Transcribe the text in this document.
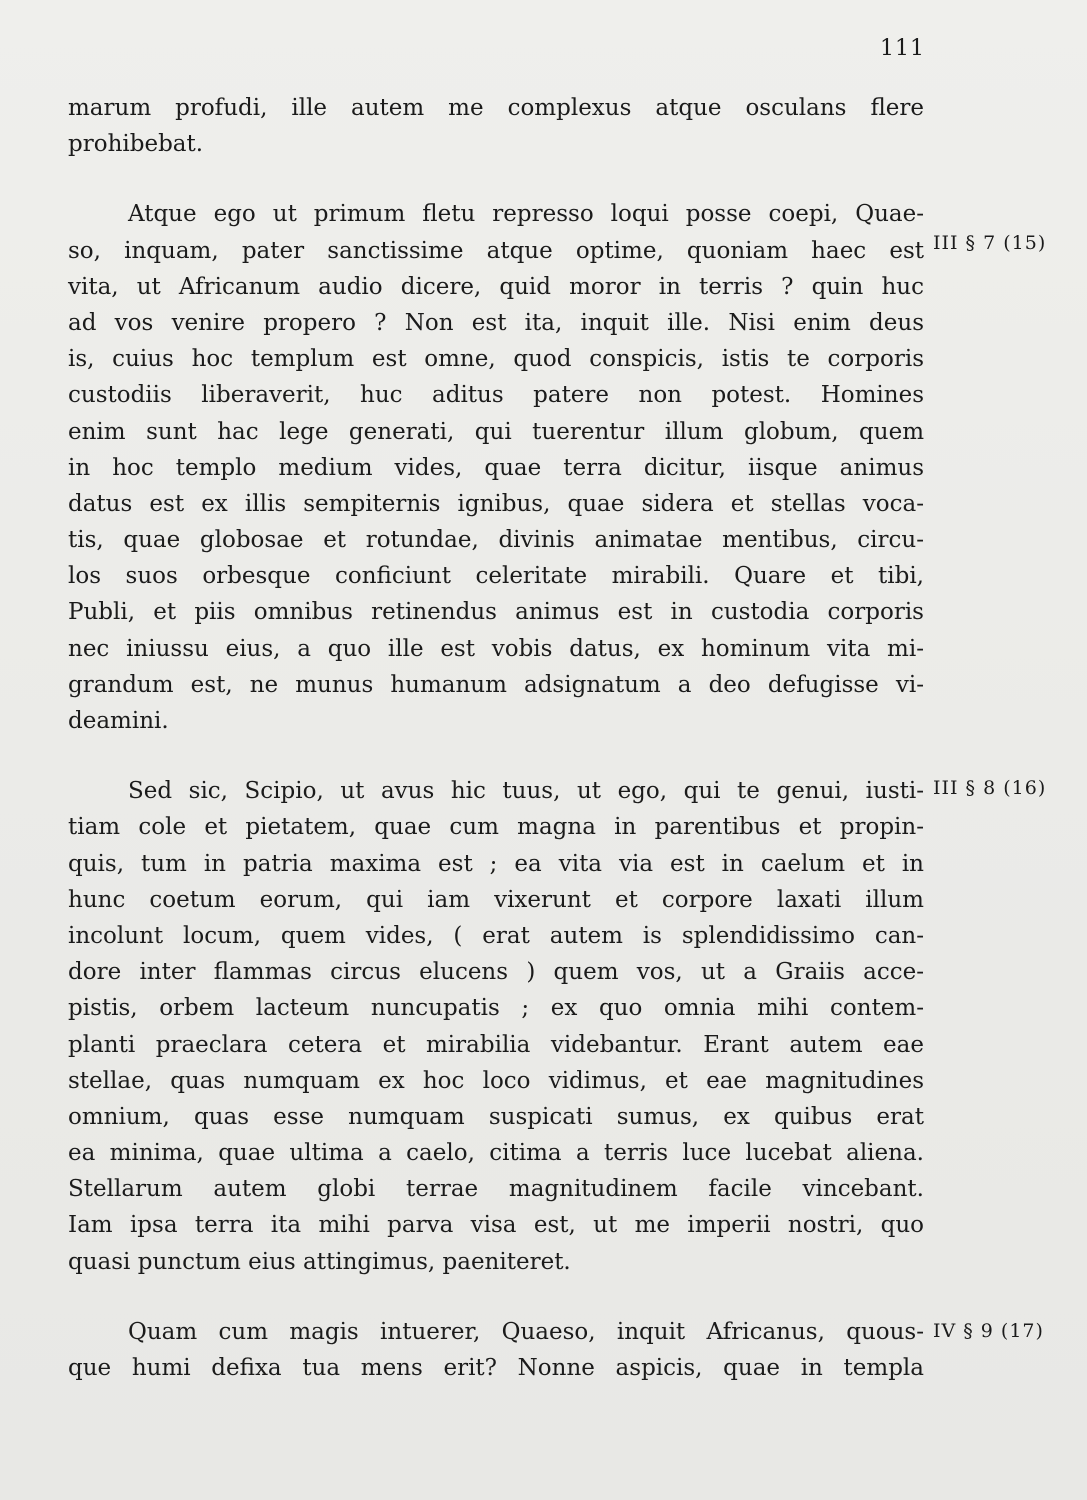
111
marum profudi, ille autem me complexus atque osculans flere
prohibebat.
Atque ego ut primum fletu represso loqui posse coepi, Quae-
so, inquam, pater sanctissime atque optime, quoniam haec est
vita, ut Africanum audio dicere, quid moror in terris ? quin huc
ad vos venire propero ? Non est ita, inquit ille. Nisi enim deus
is, cuius hoc templum est omne, quod conspicis, istis te corporis
custodiis liberaverit, huc aditus patere non potest. Homines
enim sunt hac lege generati, qui tuerentur illum globum, quem
in hoc templo medium vides, quae terra dicitur, iisque animus
datus est ex illis sempiternis ignibus, quae sidera et stellas voca-
tis, quae globosae et rotundae, divinis animatae mentibus, circu-
los suos orbesque conficiunt celeritate mirabili. Quare et tibi,
Publi, et piis omnibus retinendus animus est in custodia corporis
nec iniussu eius, a quo ille est vobis datus, ex hominum vita mi-
grandum est, ne munus humanum adsignatum a deo defugisse vi-
deamini.
Sed sic, Scipio, ut avus hic tuus, ut ego, qui te genui, iusti-
tiam cole et pietatem, quae cum magna in parentibus et propin-
quis, tum in patria maxima est ; ea vita via est in caelum et in
hunc coetum eorum, qui iam vixerunt et corpore laxati illum
incolunt locum, quem vides, ( erat autem is splendidissimo can-
dore inter flammas circus elucens ) quem vos, ut a Graiis acce-
pistis, orbem lacteum nuncupatis ; ex quo omnia mihi contem-
planti praeclara cetera et mirabilia videbantur. Erant autem eae
stellae, quas numquam ex hoc loco vidimus, et eae magnitudines
omnium, quas esse numquam suspicati sumus, ex quibus erat
ea minima, quae ultima a caelo, citima a terris luce lucebat aliena.
Stellarum autem globi terrae magnitudinem facile vincebant.
Iam ipsa terra ita mihi parva visa est, ut me imperii nostri, quo
quasi punctum eius attingimus, paeniteret.
Quam cum magis intuerer, Quaeso, inquit Africanus, quous-
que humi defixa tua mens erit? Nonne aspicis, quae in templa
III § 7 (15)
III § 8 (16)
IV § 9 (17)
